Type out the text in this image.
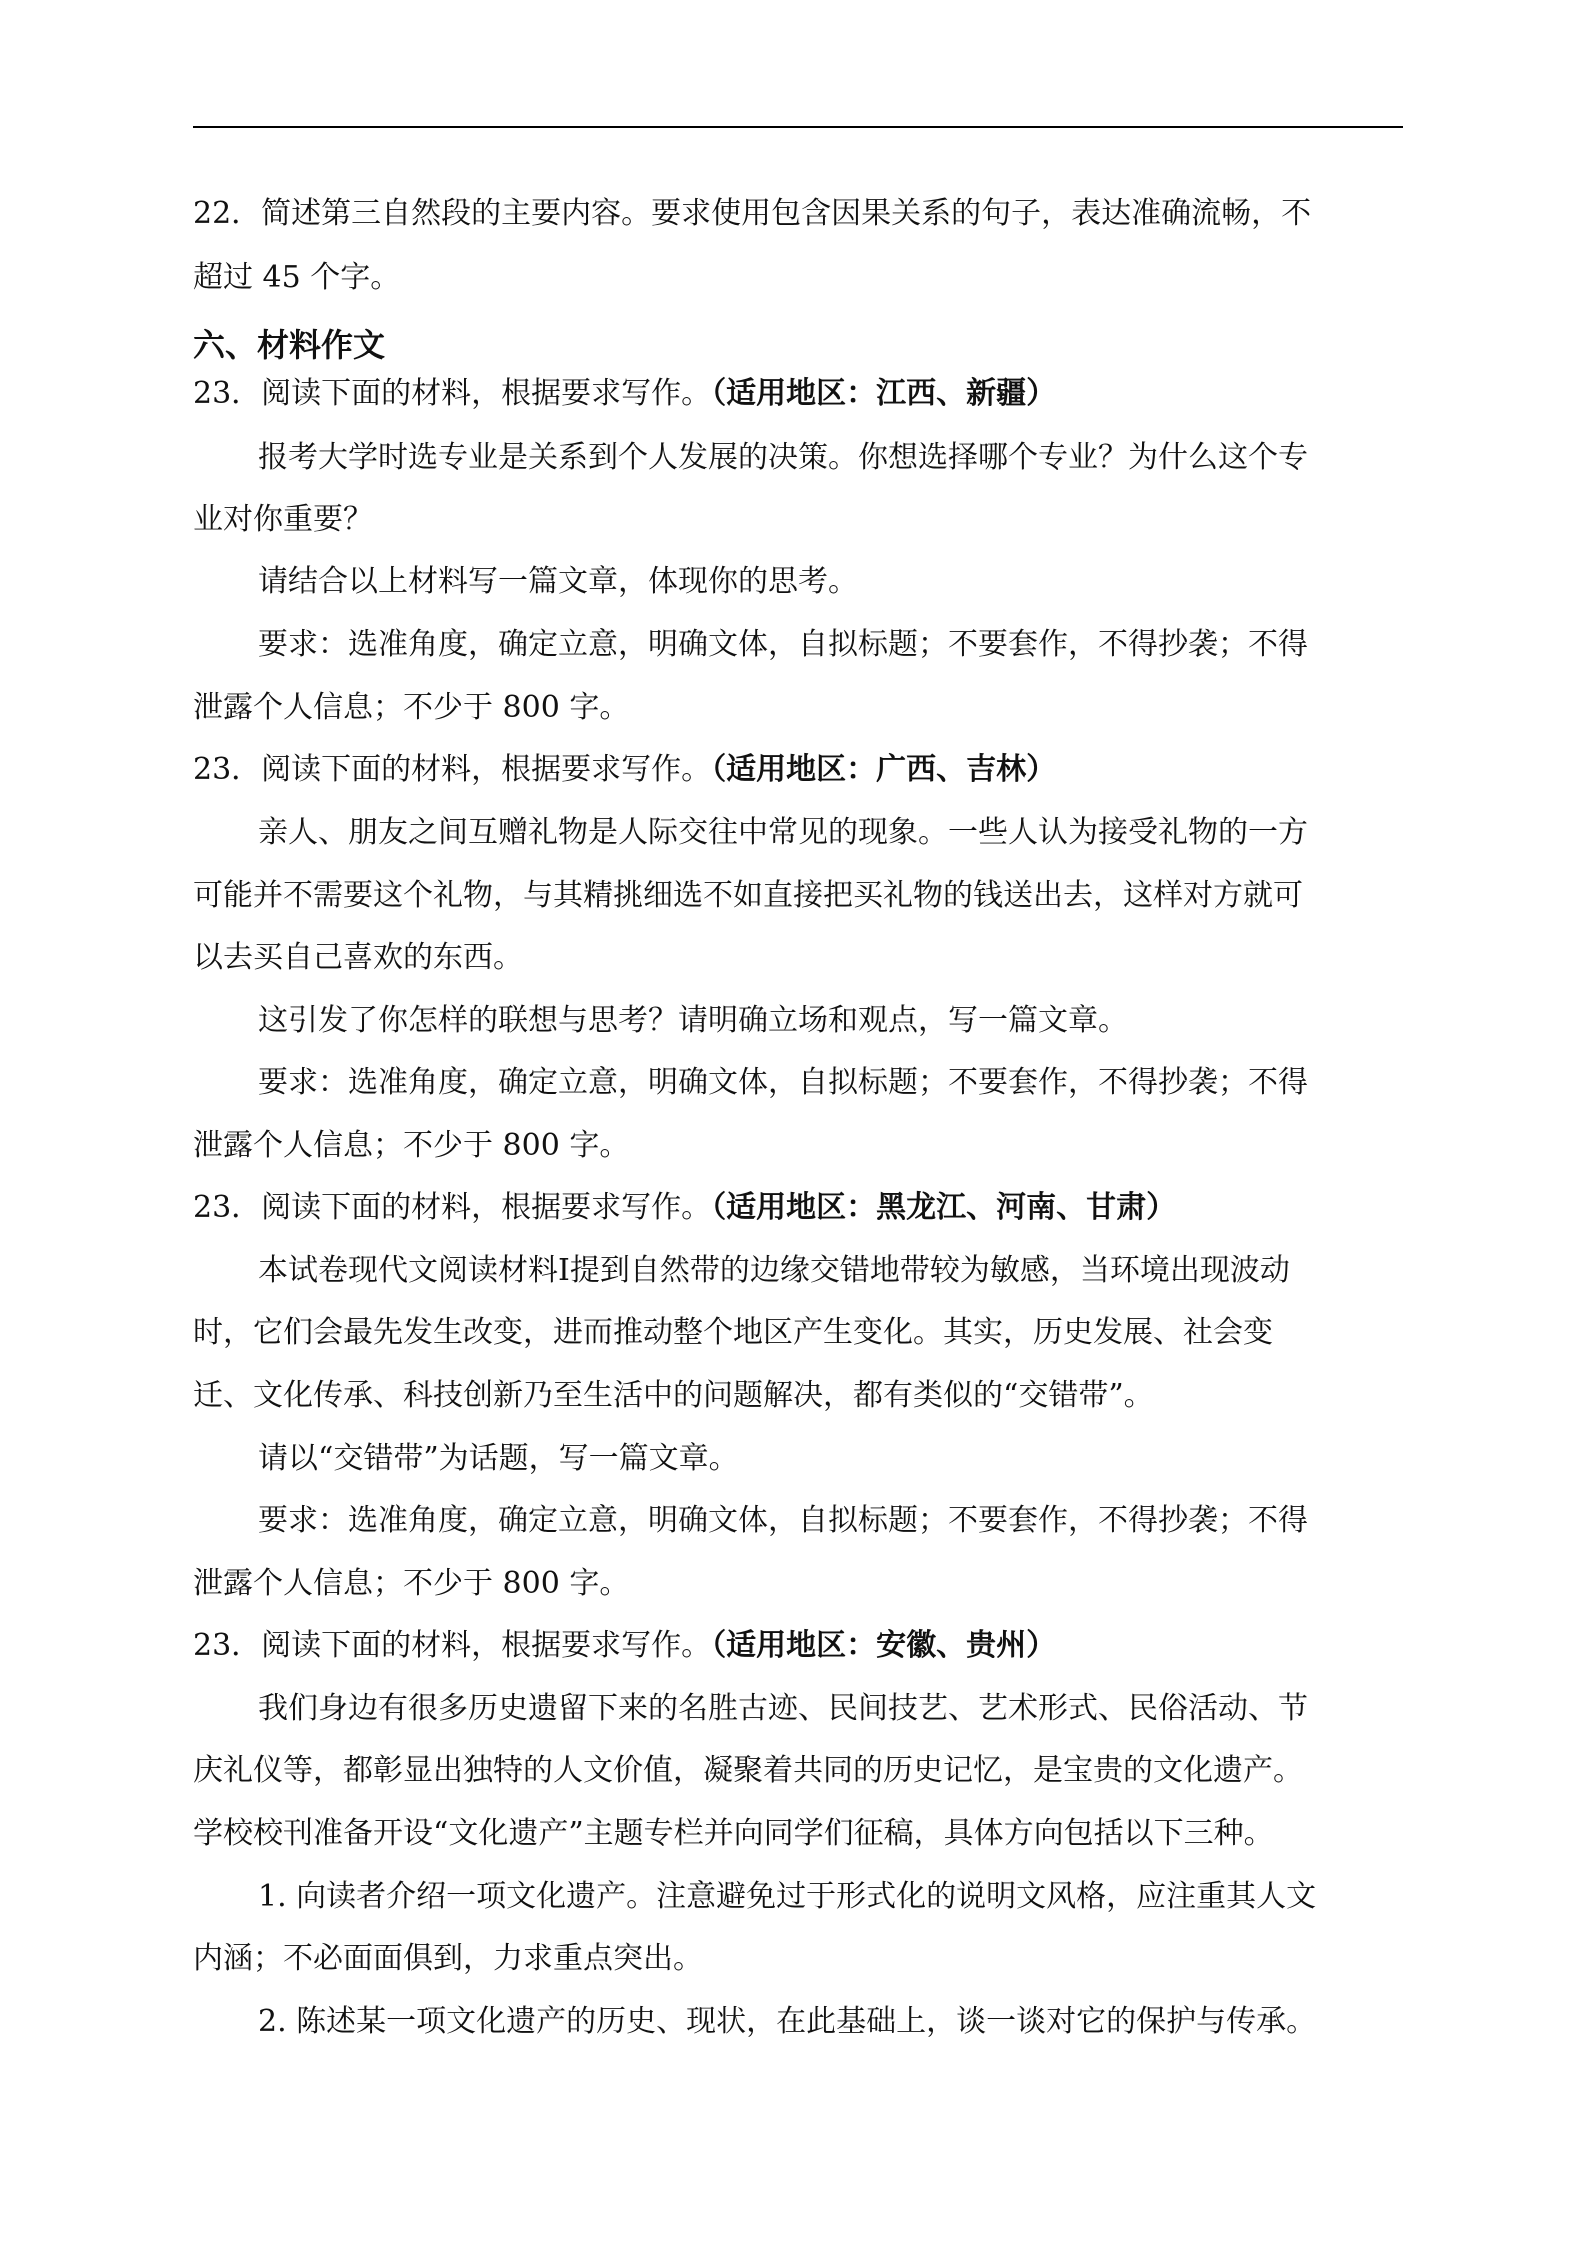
22．简述第三自然段的主要内容。要求使用包含因果关系的句子，表达准确流畅，不
超过 45 个字。
六、材料作文
23．阅读下面的材料，根据要求写作。（适用地区：江西、新疆）
报考大学时选专业是关系到个人发展的决策。你想选择哪个专业？为什么这个专
业对你重要？
请结合以上材料写一篇文章，体现你的思考。
要求：选准角度，确定立意，明确文体，自拟标题；不要套作，不得抄袭；不得
泄露个人信息；不少于 800 字。
23．阅读下面的材料，根据要求写作。（适用地区：广西、吉林）
亲人、朋友之间互赠礼物是人际交往中常见的现象。一些人认为接受礼物的一方
可能并不需要这个礼物，与其精挑细选不如直接把买礼物的钱送出去，这样对方就可
以去买自己喜欢的东西。
这引发了你怎样的联想与思考？请明确立场和观点，写一篇文章。
要求：选准角度，确定立意，明确文体，自拟标题；不要套作，不得抄袭；不得
泄露个人信息；不少于 800 字。
23．阅读下面的材料，根据要求写作。（适用地区：黑龙江、河南、甘肃）
本试卷现代文阅读材料Ⅰ提到自然带的边缘交错地带较为敏感，当环境出现波动
时，它们会最先发生改变，进而推动整个地区产生变化。其实，历史发展、社会变
迁、文化传承、科技创新乃至生活中的问题解决，都有类似的“交错带”。
请以“交错带”为话题，写一篇文章。
要求：选准角度，确定立意，明确文体，自拟标题；不要套作，不得抄袭；不得
泄露个人信息；不少于 800 字。
23．阅读下面的材料，根据要求写作。（适用地区：安徽、贵州）
我们身边有很多历史遗留下来的名胜古迹、民间技艺、艺术形式、民俗活动、节
庆礼仪等，都彰显出独特的人文价值，凝聚着共同的历史记忆，是宝贵的文化遗产。
学校校刊准备开设“文化遗产”主题专栏并向同学们征稿，具体方向包括以下三种。
1. 向读者介绍一项文化遗产。注意避免过于形式化的说明文风格，应注重其人文
内涵；不必面面俱到，力求重点突出。
2. 陈述某一项文化遗产的历史、现状，在此基础上，谈一谈对它的保护与传承。
